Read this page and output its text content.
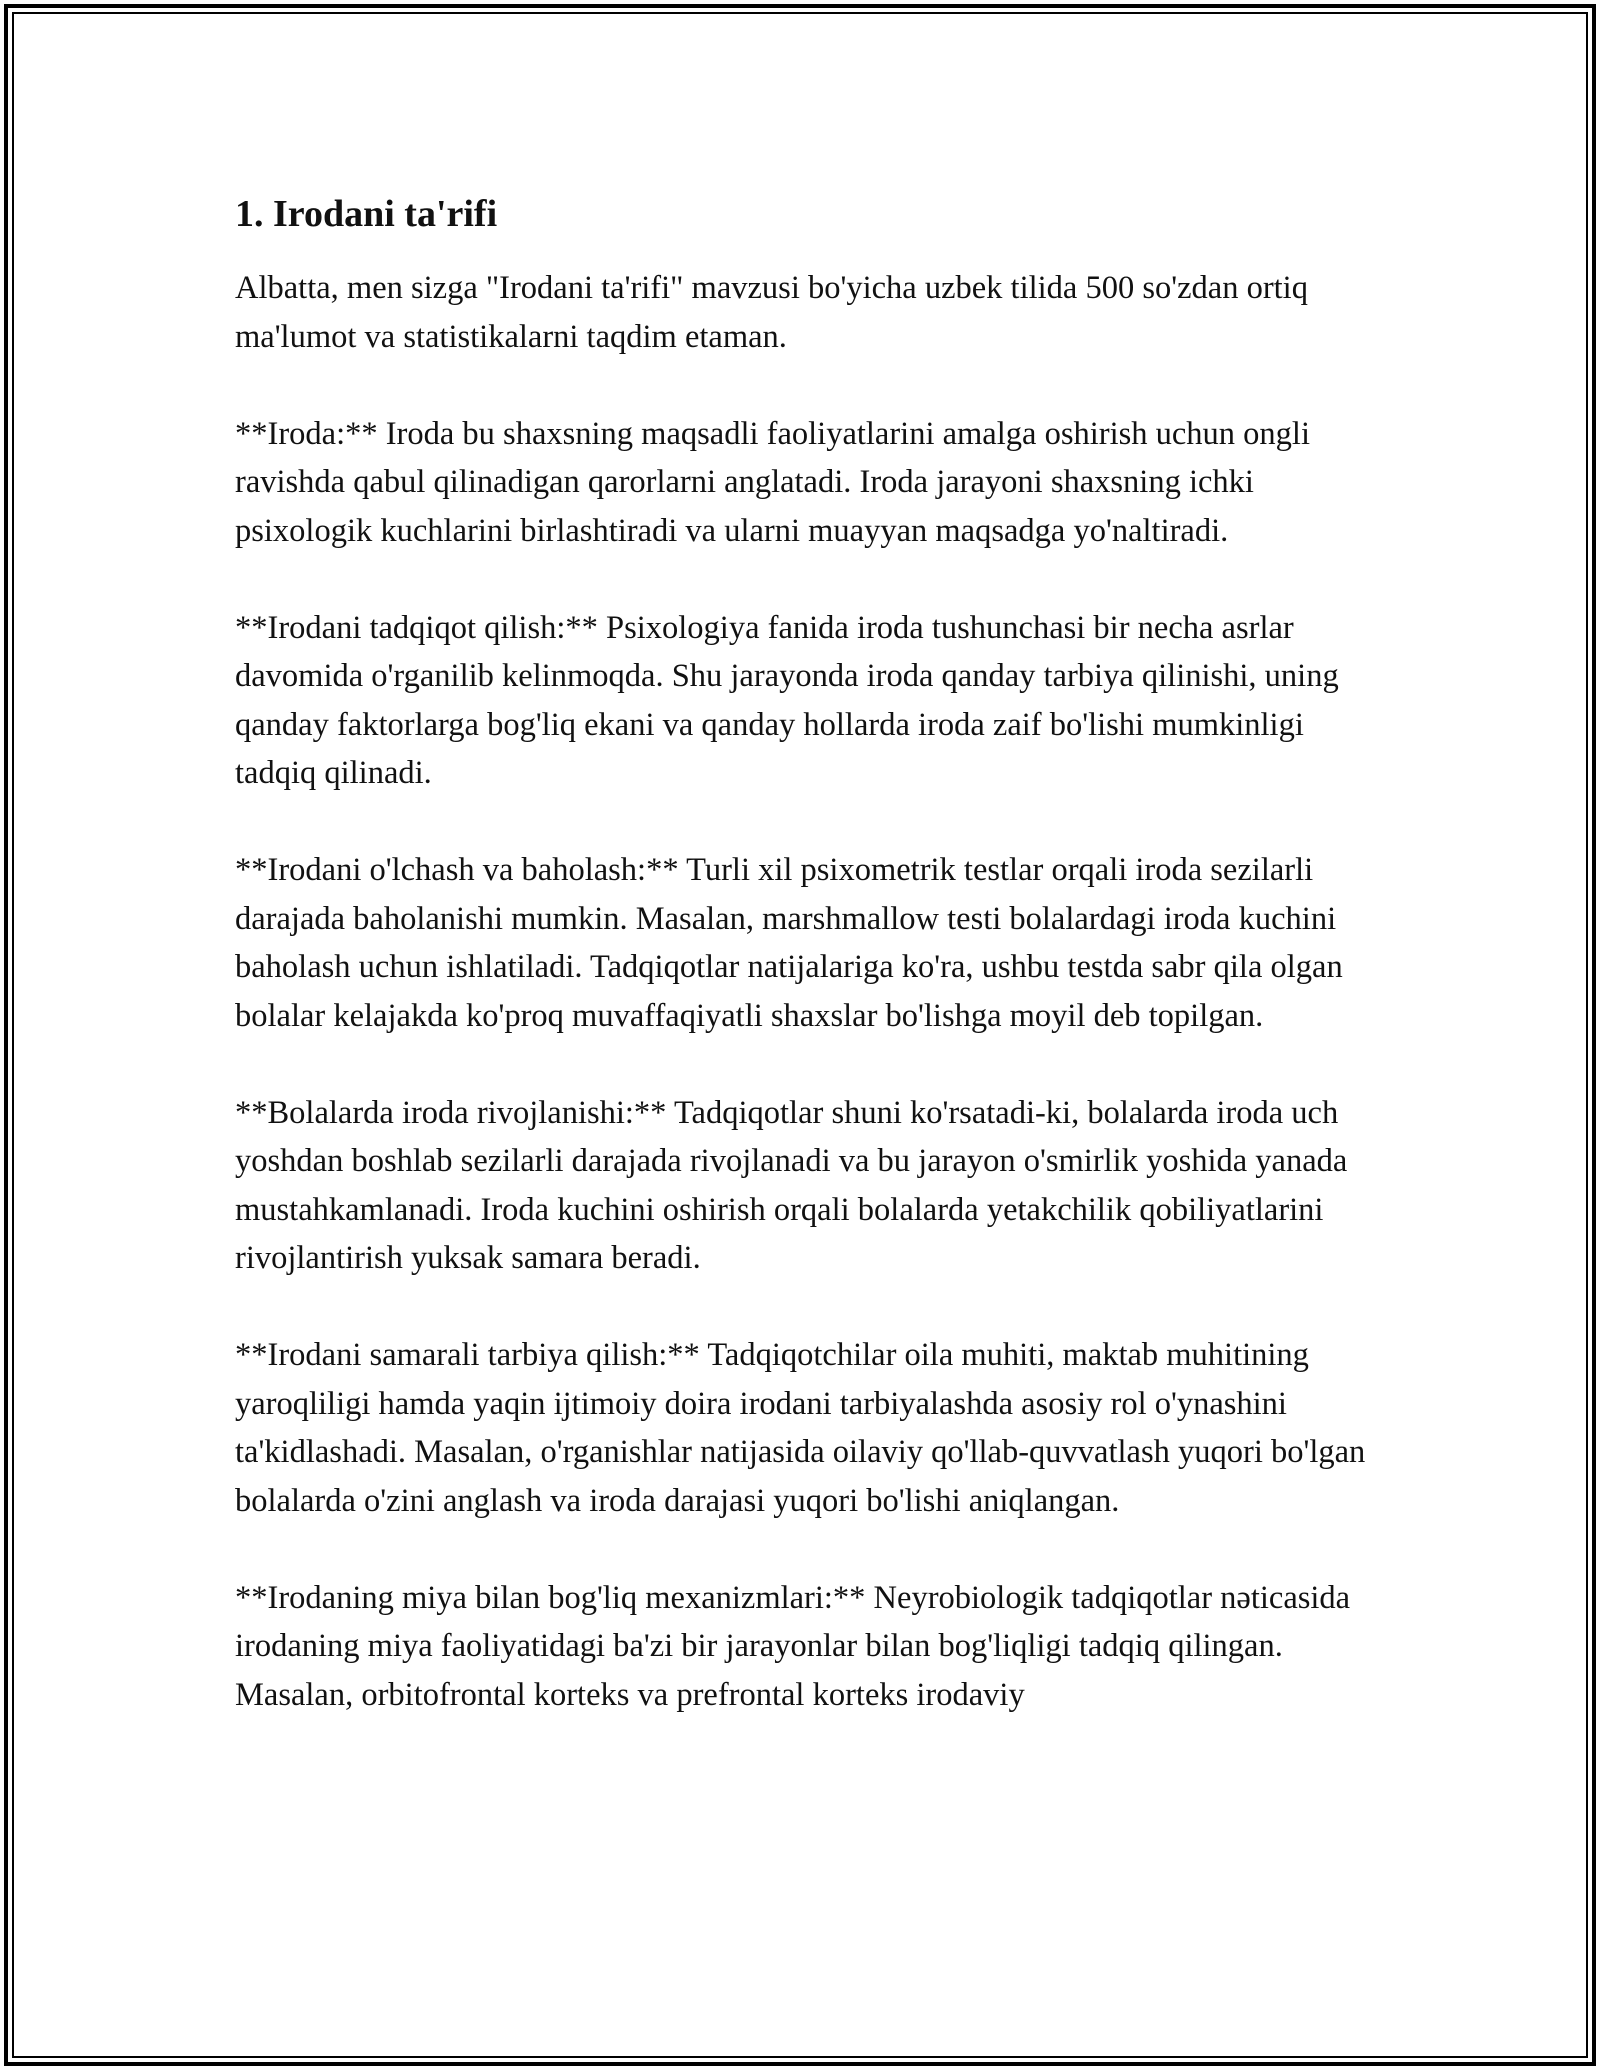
1. Irodani ta'rifi

Albatta, men sizga "Irodani ta'rifi" mavzusi bo'yicha uzbek tilida 500 so'zdan ortiq ma'lumot va statistikalarni taqdim etaman.

**Iroda:** Iroda bu shaxsning maqsadli faoliyatlarini amalga oshirish uchun ongli ravishda qabul qilinadigan qarorlarni anglatadi. Iroda jarayoni shaxsning ichki psixologik kuchlarini birlashtiradi va ularni muayyan maqsadga yo'naltiradi.

**Irodani tadqiqot qilish:** Psixologiya fanida iroda tushunchasi bir necha asrlar davomida o'rganilib kelinmoqda. Shu jarayonda iroda qanday tarbiya qilinishi, uning qanday faktorlarga bog'liq ekani va qanday hollarda iroda zaif bo'lishi mumkinligi tadqiq qilinadi.

**Irodani o'lchash va baholash:** Turli xil psixometrik testlar orqali iroda sezilarli darajada baholanishi mumkin. Masalan, marshmallow testi bolalardagi iroda kuchini baholash uchun ishlatiladi. Tadqiqotlar natijalariga ko'ra, ushbu testda sabr qila olgan bolalar kelajakda ko'proq muvaffaqiyatli shaxslar bo'lishga moyil deb topilgan.

**Bolalarda iroda rivojlanishi:** Tadqiqotlar shuni ko'rsatadi-ki, bolalarda iroda uch yoshdan boshlab sezilarli darajada rivojlanadi va bu jarayon o'smirlik yoshida yanada mustahkamlanadi. Iroda kuchini oshirish orqali bolalarda yetakchilik qobiliyatlarini rivojlantirish yuksak samara beradi.

**Irodani samarali tarbiya qilish:** Tadqiqotchilar oila muhiti, maktab muhitining yaroqliligi hamda yaqin ijtimoiy doira irodani tarbiyalashda asosiy rol o'ynashini ta'kidlashadi. Masalan, o'rganishlar natijasida oilaviy qo'llab-quvvatlash yuqori bo'lgan bolalarda o'zini anglash va iroda darajasi yuqori bo'lishi aniqlangan.

**Irodaning miya bilan bog'liq mexanizmlari:** Neyrobiologik tadqiqotlar nəticasida irodaning miya faoliyatidagi ba'zi bir jarayonlar bilan bog'liqligi tadqiq qilingan. Masalan, orbitofrontal korteks va prefrontal korteks irodaviy
